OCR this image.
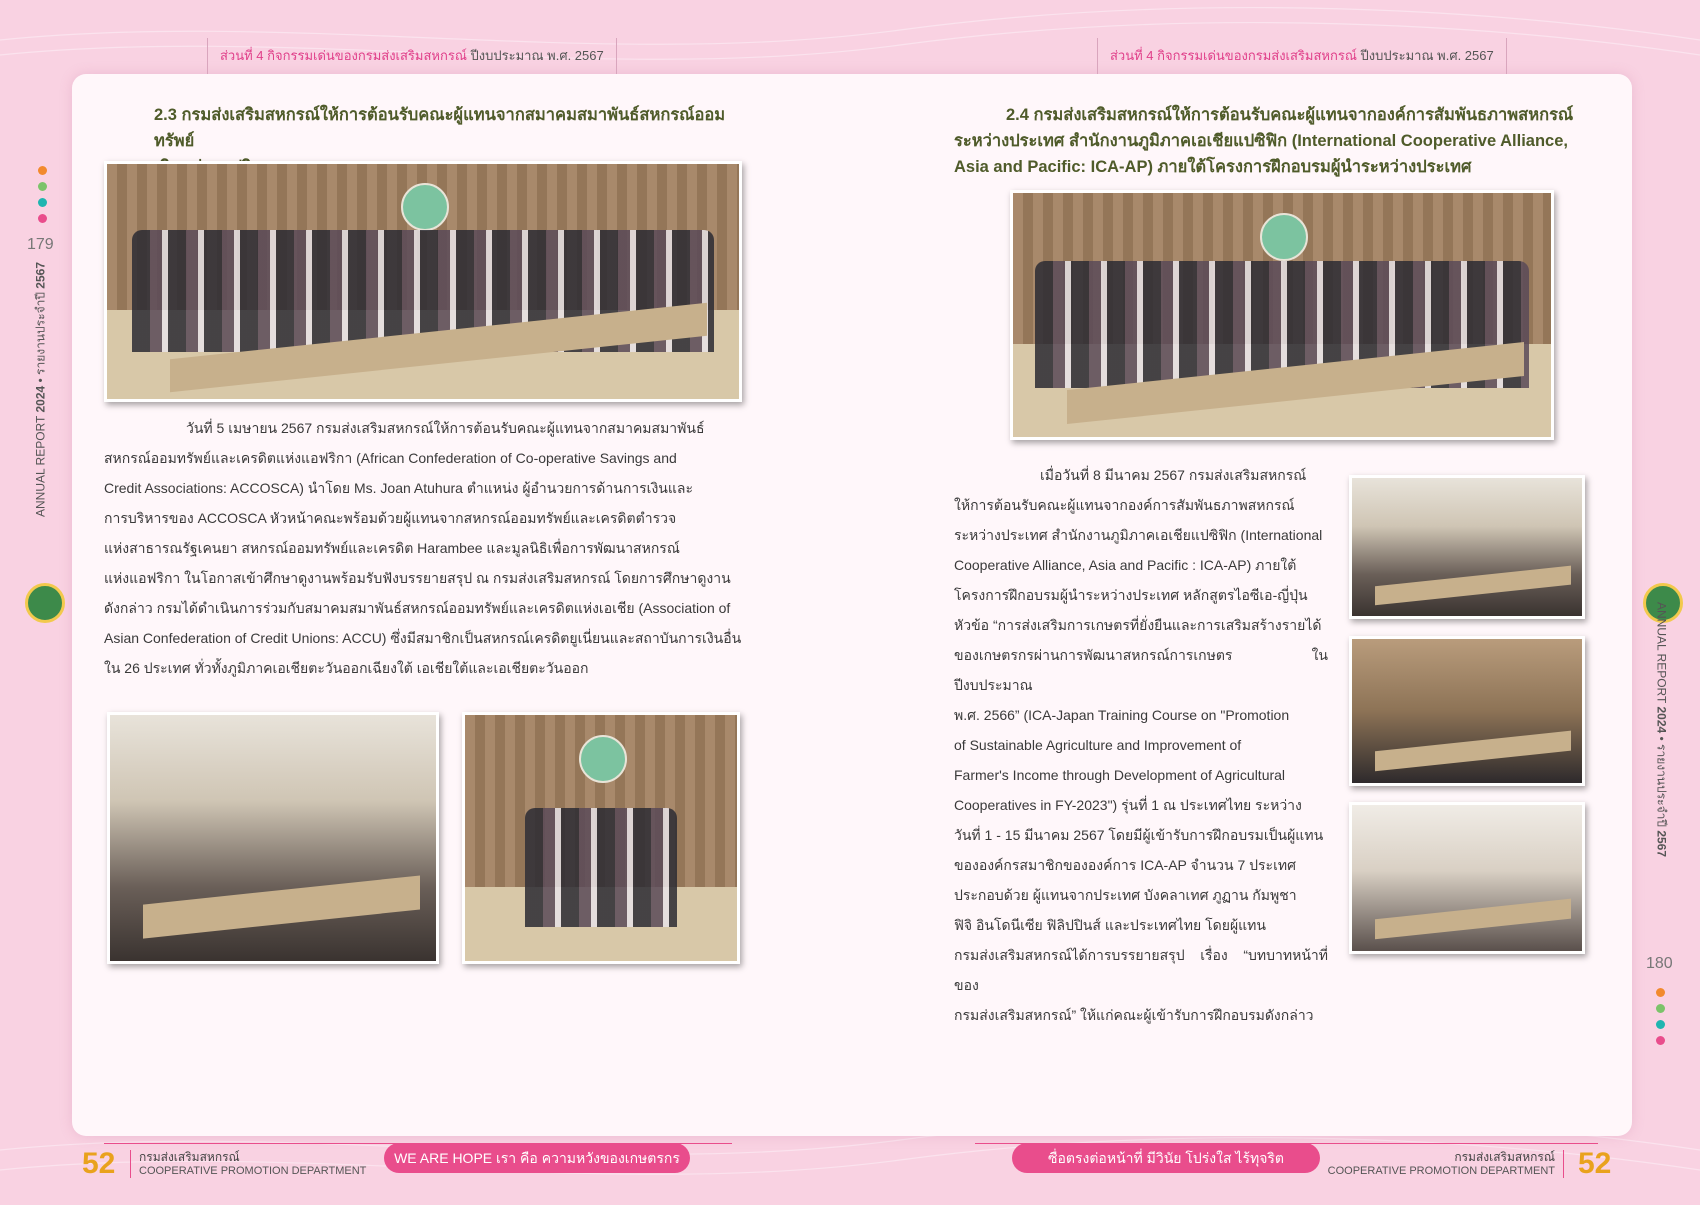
ส่วนที่ 4 กิจกรรมเด่นของกรมส่งเสริมสหกรณ์ ปีงบประมาณ พ.ศ. 2567	ส่วนที่ 4 กิจกรรมเด่นของกรมส่งเสริมสหกรณ์ ปีงบประมาณ พ.ศ. 2567
179
ANNUAL REPORT 2024 • รายงานประจำปี 2567
ANNUAL REPORT 2024 • รายงานประจำปี 2567
180
2.3 กรมส่งเสริมสหกรณ์ให้การต้อนรับคณะผู้แทนจากสมาคมสมาพันธ์สหกรณ์ออมทรัพย์
วันที่ 5 เมษายน 2567 กรมส่งเสริมสหกรณ์ให้การต้อนรับคณะผู้แทนจากสมาคมสมาพันธ์
สหกรณ์ออมทรัพย์และเครดิตแห่งแอฟริกา (African Confederation of Co-operative Savings and
Credit Associations: ACCOSCA) นำโดย Ms. Joan Atuhura ตำแหน่ง ผู้อำนวยการด้านการเงินและ
การบริหารของ ACCOSCA หัวหน้าคณะพร้อมด้วยผู้แทนจากสหกรณ์ออมทรัพย์และเครดิตตำรวจ
แห่งสาธารณรัฐเคนยา สหกรณ์ออมทรัพย์และเครดิต Harambee และมูลนิธิเพื่อการพัฒนาสหกรณ์
แห่งแอฟริกา ในโอกาสเข้าศึกษาดูงานพร้อมรับฟังบรรยายสรุป ณ กรมส่งเสริมสหกรณ์ โดยการศึกษาดูงาน
ดังกล่าว กรมได้ดำเนินการร่วมกับสมาคมสมาพันธ์สหกรณ์ออมทรัพย์และเครดิตแห่งเอเชีย (Association of
Asian Confederation of Credit Unions: ACCU) ซึ่งมีสมาชิกเป็นสหกรณ์เครดิตยูเนี่ยนและสถาบันการเงินอื่น
ใน 26 ประเทศ ทั่วทั้งภูมิภาคเอเชียตะวันออกเฉียงใต้ เอเชียใต้และเอเชียตะวันออก
2.4 กรมส่งเสริมสหกรณ์ให้การต้อนรับคณะผู้แทนจากองค์การสัมพันธภาพสหกรณ์
ระหว่างประเทศ สำนักงานภูมิภาคเอเชียแปซิฟิก (International Cooperative Alliance,
Asia and Pacific: ICA-AP) ภายใต้โครงการฝึกอบรมผู้นำระหว่างประเทศ
เมื่อวันที่ 8 มีนาคม 2567 กรมส่งเสริมสหกรณ์
ให้การต้อนรับคณะผู้แทนจากองค์การสัมพันธภาพสหกรณ์
ระหว่างประเทศ สำนักงานภูมิภาคเอเชียแปซิฟิก (International
Cooperative Alliance, Asia and Pacific : ICA-AP) ภายใต้
โครงการฝึกอบรมผู้นำระหว่างประเทศ หลักสูตรไอซีเอ-ญี่ปุ่น
หัวข้อ “การส่งเสริมการเกษตรที่ยั่งยืนและการเสริมสร้างรายได้
ของเกษตรกรผ่านการพัฒนาสหกรณ์การเกษตร ในปีงบประมาณ
พ.ศ. 2566” (ICA-Japan Training Course on "Promotion
of Sustainable Agriculture and Improvement of
Farmer's Income through Development of Agricultural
Cooperatives in FY-2023") รุ่นที่ 1 ณ ประเทศไทย ระหว่าง
วันที่ 1 - 15 มีนาคม 2567 โดยมีผู้เข้ารับการฝึกอบรมเป็นผู้แทน
ขององค์กรสมาชิกขององค์การ ICA-AP จำนวน 7 ประเทศ
ประกอบด้วย ผู้แทนจากประเทศ บังคลาเทศ ภูฏาน กัมพูชา
ฟิจิ อินโดนีเซีย ฟิลิปปินส์ และประเทศไทย โดยผู้แทน
กรมส่งเสริมสหกรณ์ได้การบรรยายสรุป เรื่อง “บทบาทหน้าที่ของ
กรมส่งเสริมสหกรณ์” ให้แก่คณะผู้เข้ารับการฝึกอบรมดังกล่าว
52	กรมส่งเสริมสหกรณ์
COOPERATIVE PROMOTION DEPARTMENT
WE ARE HOPE เรา คือ ความหวังของเกษตรกร	ซื่อตรงต่อหน้าที่ มีวินัย โปร่งใส ไร้ทุจริต	กรมส่งเสริมสหกรณ์
COOPERATIVE PROMOTION DEPARTMENT 52
